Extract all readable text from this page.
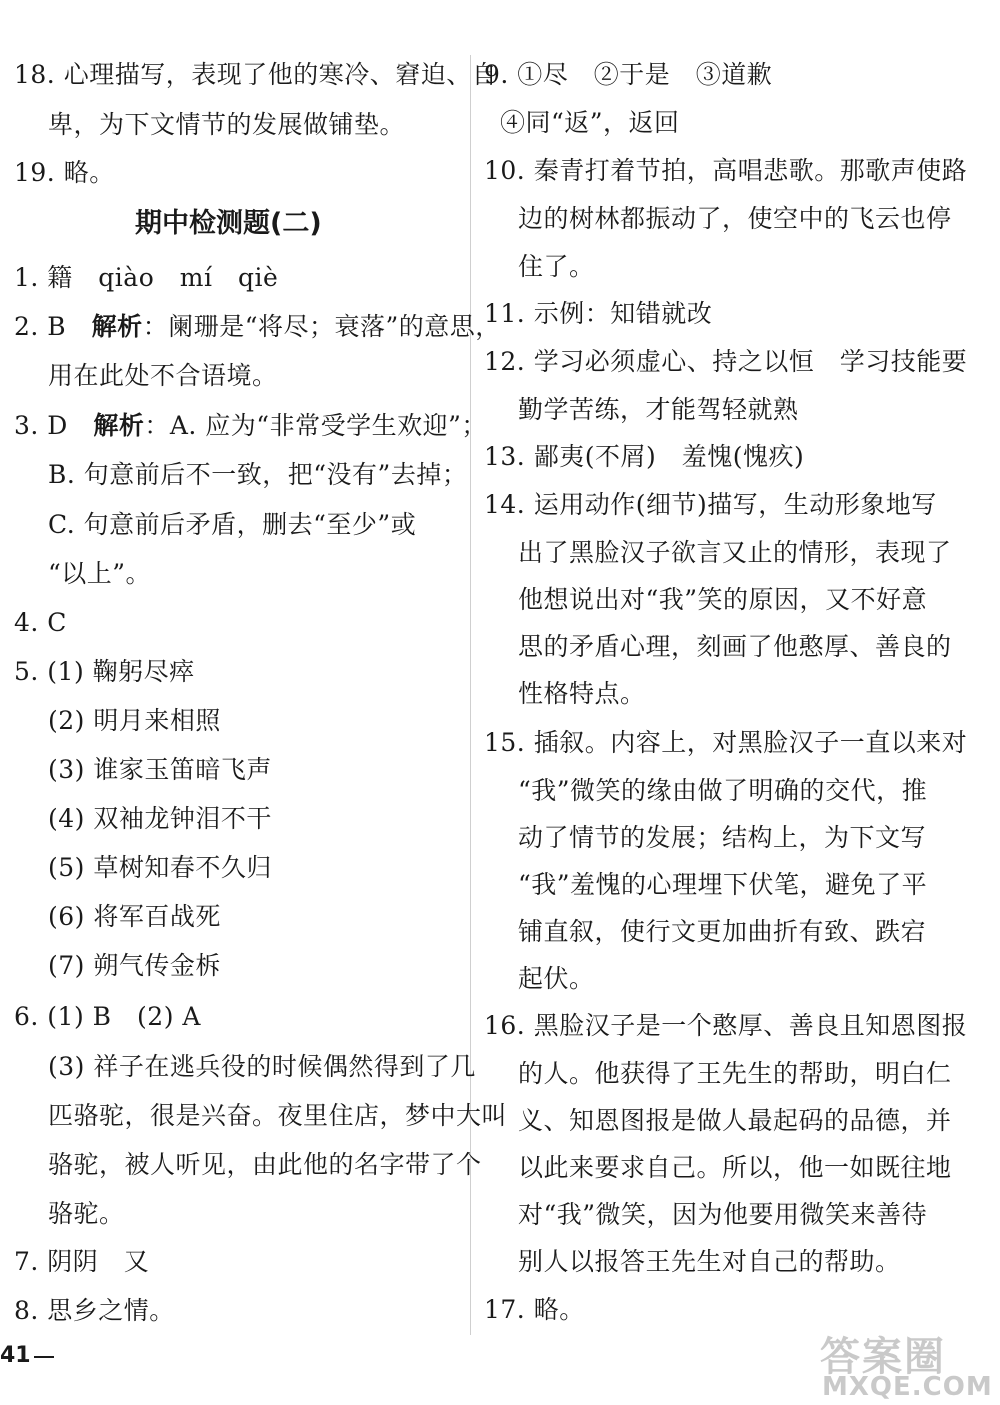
18. 心理描写，表现了他的寒冷、窘迫、自
卑，为下文情节的发展做铺垫。
19. 略。
期中检测题(二)
1. 籍　qiào　mí　qiè
2. B　解析：阑珊是“将尽；衰落”的意思，
用在此处不合语境。
3. D　解析：A. 应为“非常受学生欢迎”；
B. 句意前后不一致，把“没有”去掉；
C. 句意前后矛盾，删去“至少”或
“以上”。
4. C
5. (1) 鞠躬尽瘁
(2) 明月来相照
(3) 谁家玉笛暗飞声
(4) 双袖龙钟泪不干
(5) 草树知春不久归
(6) 将军百战死
(7) 朔气传金柝
6. (1) B　(2) A
(3) 祥子在逃兵役的时候偶然得到了几
匹骆驼，很是兴奋。夜里住店，梦中大叫
骆驼，被人听见，由此他的名字带了个
骆驼。
7. 阴阴　又
8. 思乡之情。
9. ①尽　②于是　③道歉
④同“返”，返回
10. 秦青打着节拍，高唱悲歌。那歌声使路
边的树林都振动了，使空中的飞云也停
住了。
11. 示例：知错就改
12. 学习必须虚心、持之以恒　学习技能要
勤学苦练，才能驾轻就熟
13. 鄙夷(不屑)　羞愧(愧疚)
14. 运用动作(细节)描写，生动形象地写
出了黑脸汉子欲言又止的情形，表现了
他想说出对“我”笑的原因，又不好意
思的矛盾心理，刻画了他憨厚、善良的
性格特点。
15. 插叙。内容上，对黑脸汉子一直以来对
“我”微笑的缘由做了明确的交代，推
动了情节的发展；结构上，为下文写
“我”羞愧的心理埋下伏笔，避免了平
铺直叙，使行文更加曲折有致、跌宕
起伏。
16. 黑脸汉子是一个憨厚、善良且知恩图报
的人。他获得了王先生的帮助，明白仁
义、知恩图报是做人最起码的品德，并
以此来要求自己。所以，他一如既往地
对“我”微笑，因为他要用微笑来善待
别人以报答王先生对自己的帮助。
17. 略。
41	答案圈
MXQE.COM
